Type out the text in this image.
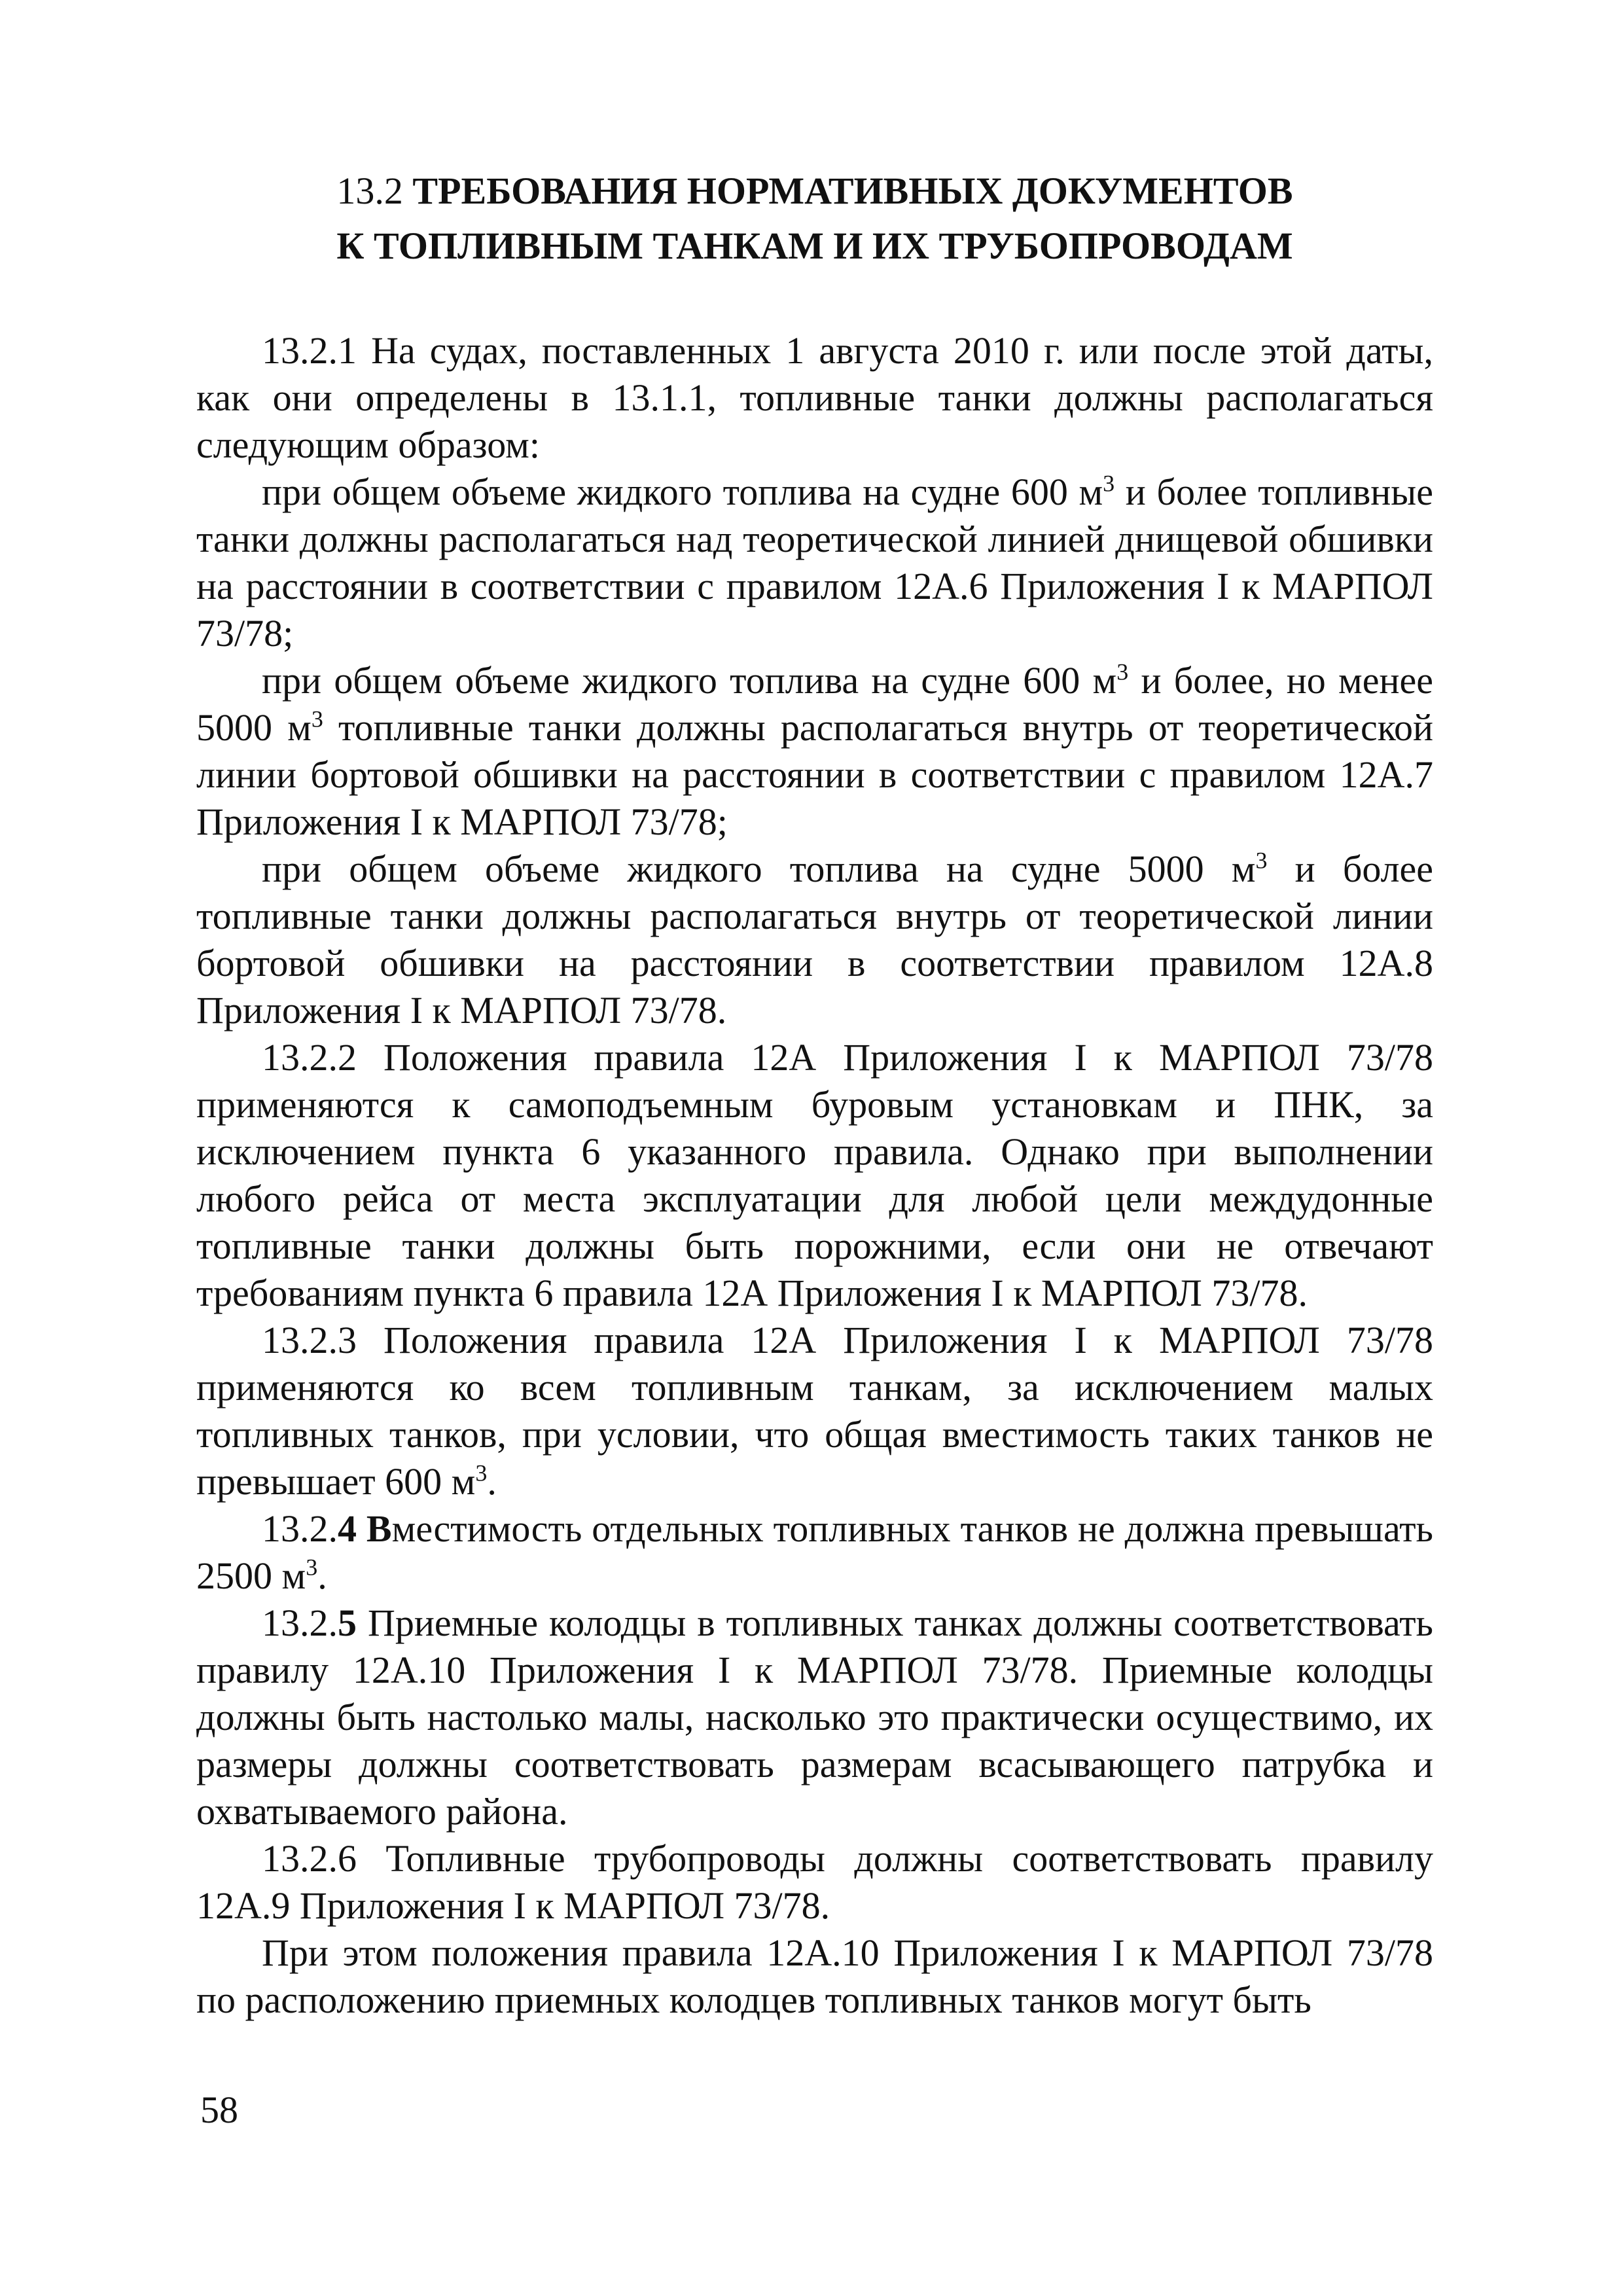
13.2 ТРЕБОВАНИЯ НОРМАТИВНЫХ ДОКУМЕНТОВ
К ТОПЛИВНЫМ ТАНКАМ И ИХ ТРУБОПРОВОДАМ

13.2.1 На судах, поставленных 1 августа 2010 г. или после этой даты, как они определены в 13.1.1, топливные танки должны располагаться следующим образом:

при общем объеме жидкого топлива на судне 600 $м^3$ и более топливные танки должны располагаться над теоретической линией днищевой обшивки на расстоянии в соответствии с правилом 12А.6 Приложения I к МАРПОЛ 73/78;

при общем объеме жидкого топлива на судне 600 $м^3$ и более, но менее 5000 $м^3$ топливные танки должны располагаться внутрь от теоретической линии бортовой обшивки на расстоянии в соответствии с правилом 12А.7 Приложения I к МАРПОЛ 73/78;

при общем объеме жидкого топлива на судне 5000 $м^3$ и более топливные танки должны располагаться внутрь от теоретической линии бортовой обшивки на расстоянии в соответствии правилом 12А.8 Приложения I к МАРПОЛ 73/78.

13.2.2 Положения правила 12А Приложения I к МАРПОЛ 73/78 применяются к самоподъемным буровым установкам и ПНК, за исключением пункта 6 указанного правила. Однако при выполнении любого рейса от места эксплуатации для любой цели междудонные топливные танки должны быть порожними, если они не отвечают требованиям пункта 6 правила 12А Приложения I к МАРПОЛ 73/78.

13.2.3 Положения правила 12А Приложения I к МАРПОЛ 73/78 применяются ко всем топливным танкам, за исключением малых топливных танков, при условии, что общая вместимость таких танков не превышает 600 $м^3$.

13.2.4 Вместимость отдельных топливных танков не должна превышать 2500 $м^3$.

13.2.5 Приемные колодцы в топливных танках должны соответствовать правилу 12А.10 Приложения I к МАРПОЛ 73/78. Приемные колодцы должны быть настолько малы, насколько это практически осуществимо, их размеры должны соответствовать размерам всасывающего патрубка и охватываемого района.

13.2.6 Топливные трубопроводы должны соответствовать правилу 12А.9 Приложения I к МАРПОЛ 73/78.

При этом положения правила 12А.10 Приложения I к МАРПОЛ 73/78 по расположению приемных колодцев топливных танков могут быть

58
